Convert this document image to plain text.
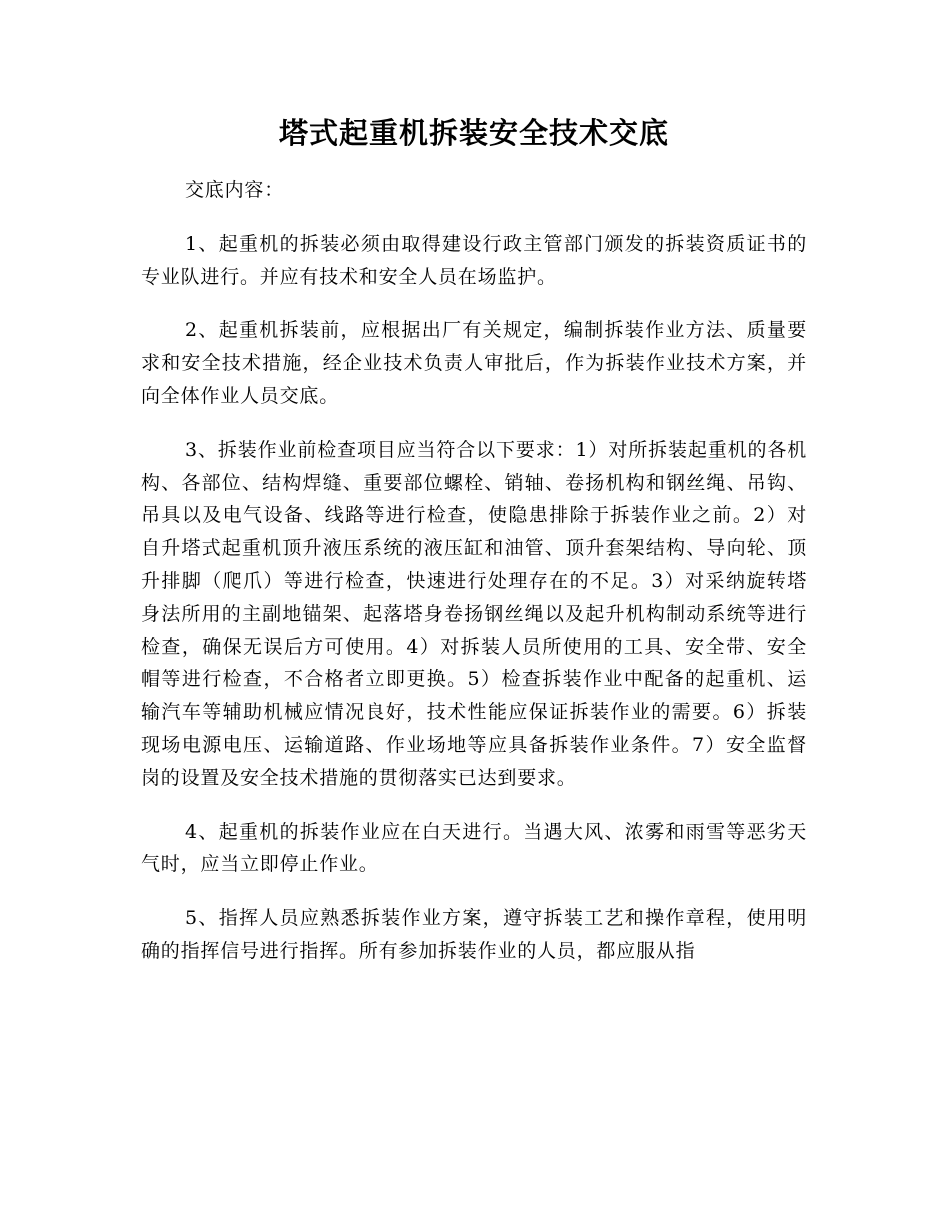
塔式起重机拆装安全技术交底

交底内容：

1、起重机的拆装必须由取得建设行政主管部门颁发的拆装资质证书的专业队进行。并应有技术和安全人员在场监护。

2、起重机拆装前，应根据出厂有关规定，编制拆装作业方法、质量要求和安全技术措施，经企业技术负责人审批后，作为拆装作业技术方案，并向全体作业人员交底。

3、拆装作业前检查项目应当符合以下要求：1）对所拆装起重机的各机构、各部位、结构焊缝、重要部位螺栓、销轴、卷扬机构和钢丝绳、吊钩、吊具以及电气设备、线路等进行检查，使隐患排除于拆装作业之前。2）对自升塔式起重机顶升液压系统的液压缸和油管、顶升套架结构、导向轮、顶升排脚（爬爪）等进行检查，快速进行处理存在的不足。3）对采纳旋转塔身法所用的主副地锚架、起落塔身卷扬钢丝绳以及起升机构制动系统等进行检查，确保无误后方可使用。4）对拆装人员所使用的工具、安全带、安全帽等进行检查，不合格者立即更换。5）检查拆装作业中配备的起重机、运输汽车等辅助机械应情况良好，技术性能应保证拆装作业的需要。6）拆装现场电源电压、运输道路、作业场地等应具备拆装作业条件。7）安全监督岗的设置及安全技术措施的贯彻落实已达到要求。

4、起重机的拆装作业应在白天进行。当遇大风、浓雾和雨雪等恶劣天气时，应当立即停止作业。

5、指挥人员应熟悉拆装作业方案，遵守拆装工艺和操作章程，使用明确的指挥信号进行指挥。所有参加拆装作业的人员，都应服从指
